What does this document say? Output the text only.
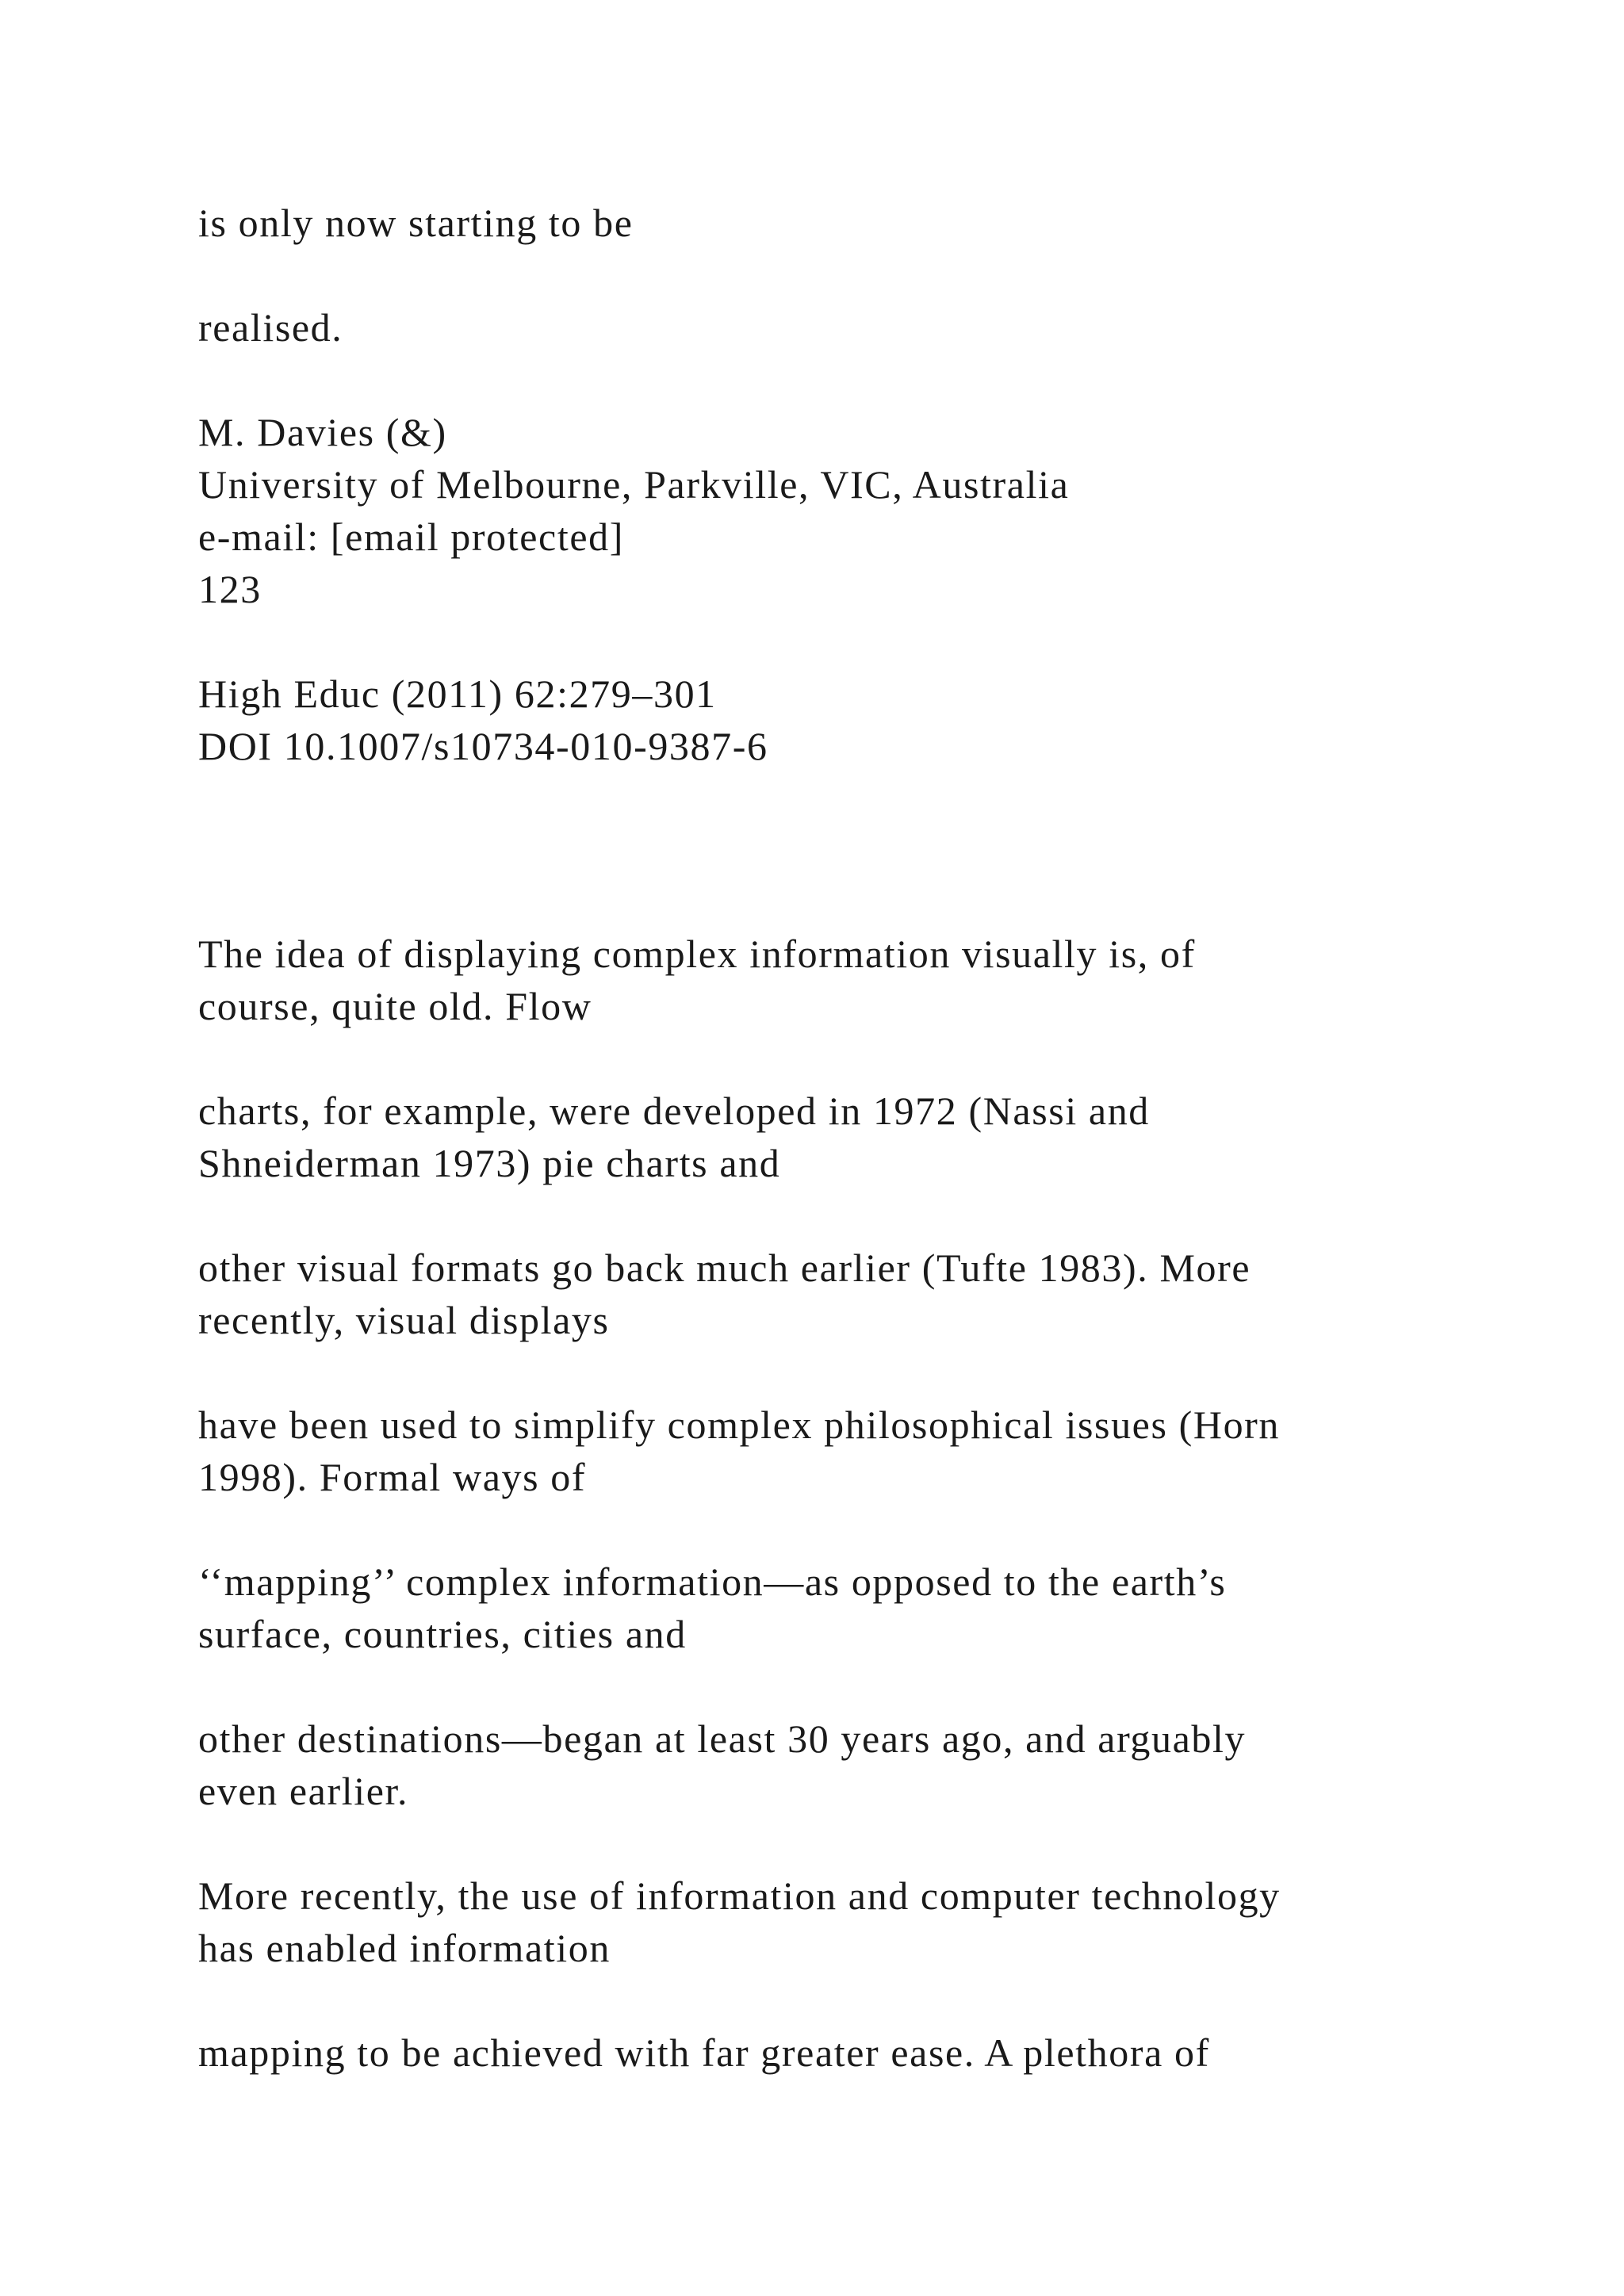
is only now starting to be
realised.
M. Davies (&)
University of Melbourne, Parkville, VIC, Australia
e-mail: [email protected]
123
High Educ (2011) 62:279–301
DOI 10.1007/s10734-010-9387-6
The idea of displaying complex information visually is, of
course, quite old. Flow
charts, for example, were developed in 1972 (Nassi and
Shneiderman 1973) pie charts and
other visual formats go back much earlier (Tufte 1983). More
recently, visual displays
have been used to simplify complex philosophical issues (Horn
1998). Formal ways of
‘‘mapping’’ complex information—as opposed to the earth’s
surface, countries, cities and
other destinations—began at least 30 years ago, and arguably
even earlier.
More recently, the use of information and computer technology
has enabled information
mapping to be achieved with far greater ease. A plethora of
